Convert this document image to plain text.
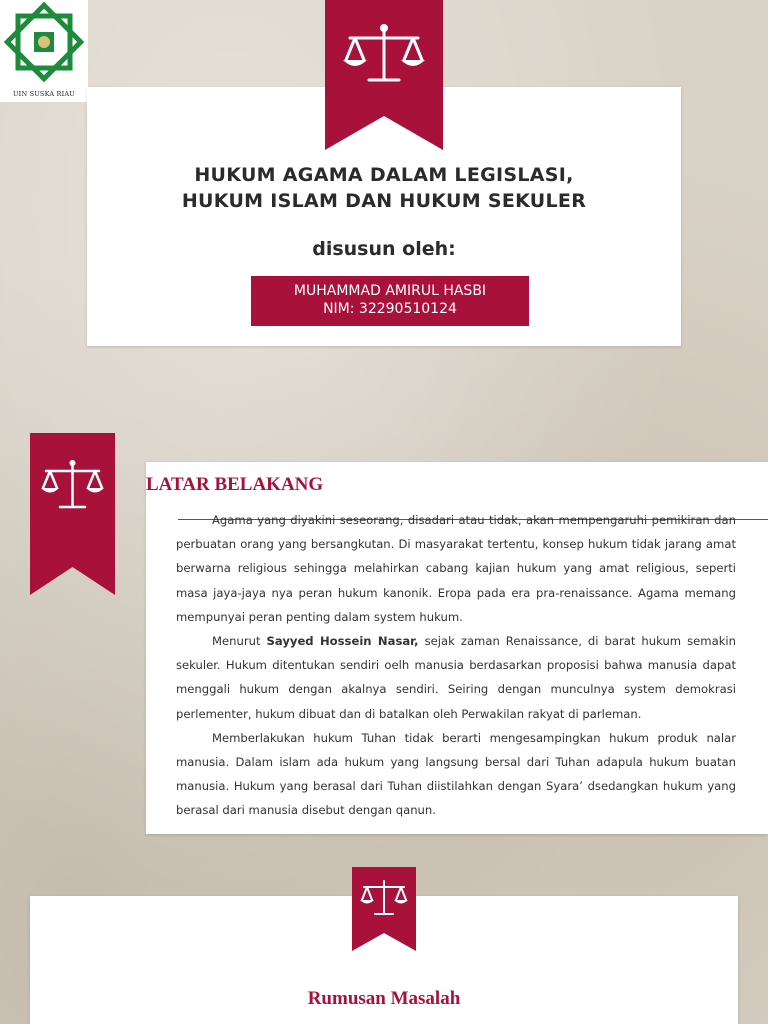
UIN SUSKA RIAU
HUKUM AGAMA DALAM LEGISLASI,
HUKUM ISLAM DAN HUKUM SEKULER
disusun oleh:
MUHAMMAD AMIRUL HASBI
NIM: 32290510124
LATAR BELAKANG

Agama yang diyakini seseorang, disadari atau tidak, akan mempengaruhi pemikiran dan perbuatan orang yang bersangkutan. Di masyarakat tertentu, konsep hukum tidak jarang amat berwarna religious sehingga melahirkan cabang kajian hukum yang amat religious, seperti masa jaya-jaya nya peran hukum kanonik. Eropa pada era pra-renaissance. Agama memang mempunyai peran penting dalam system hukum.

Menurut Sayyed Hossein Nasar, sejak zaman Renaissance, di barat hukum semakin sekuler. Hukum ditentukan sendiri oelh manusia berdasarkan proposisi bahwa manusia dapat menggali hukum dengan akalnya sendiri. Seiring dengan munculnya system demokrasi perlementer, hukum dibuat dan di batalkan oleh Perwakilan rakyat di parleman.

Memberlakukan hukum Tuhan tidak berarti mengesampingkan hukum produk nalar manusia. Dalam islam ada hukum yang langsung bersal dari Tuhan adapula hukum buatan manusia. Hukum yang berasal dari Tuhan diistilahkan dengan Syara’ dsedangkan hukum yang berasal dari manusia disebut dengan qanun.

Rumusan Masalah
